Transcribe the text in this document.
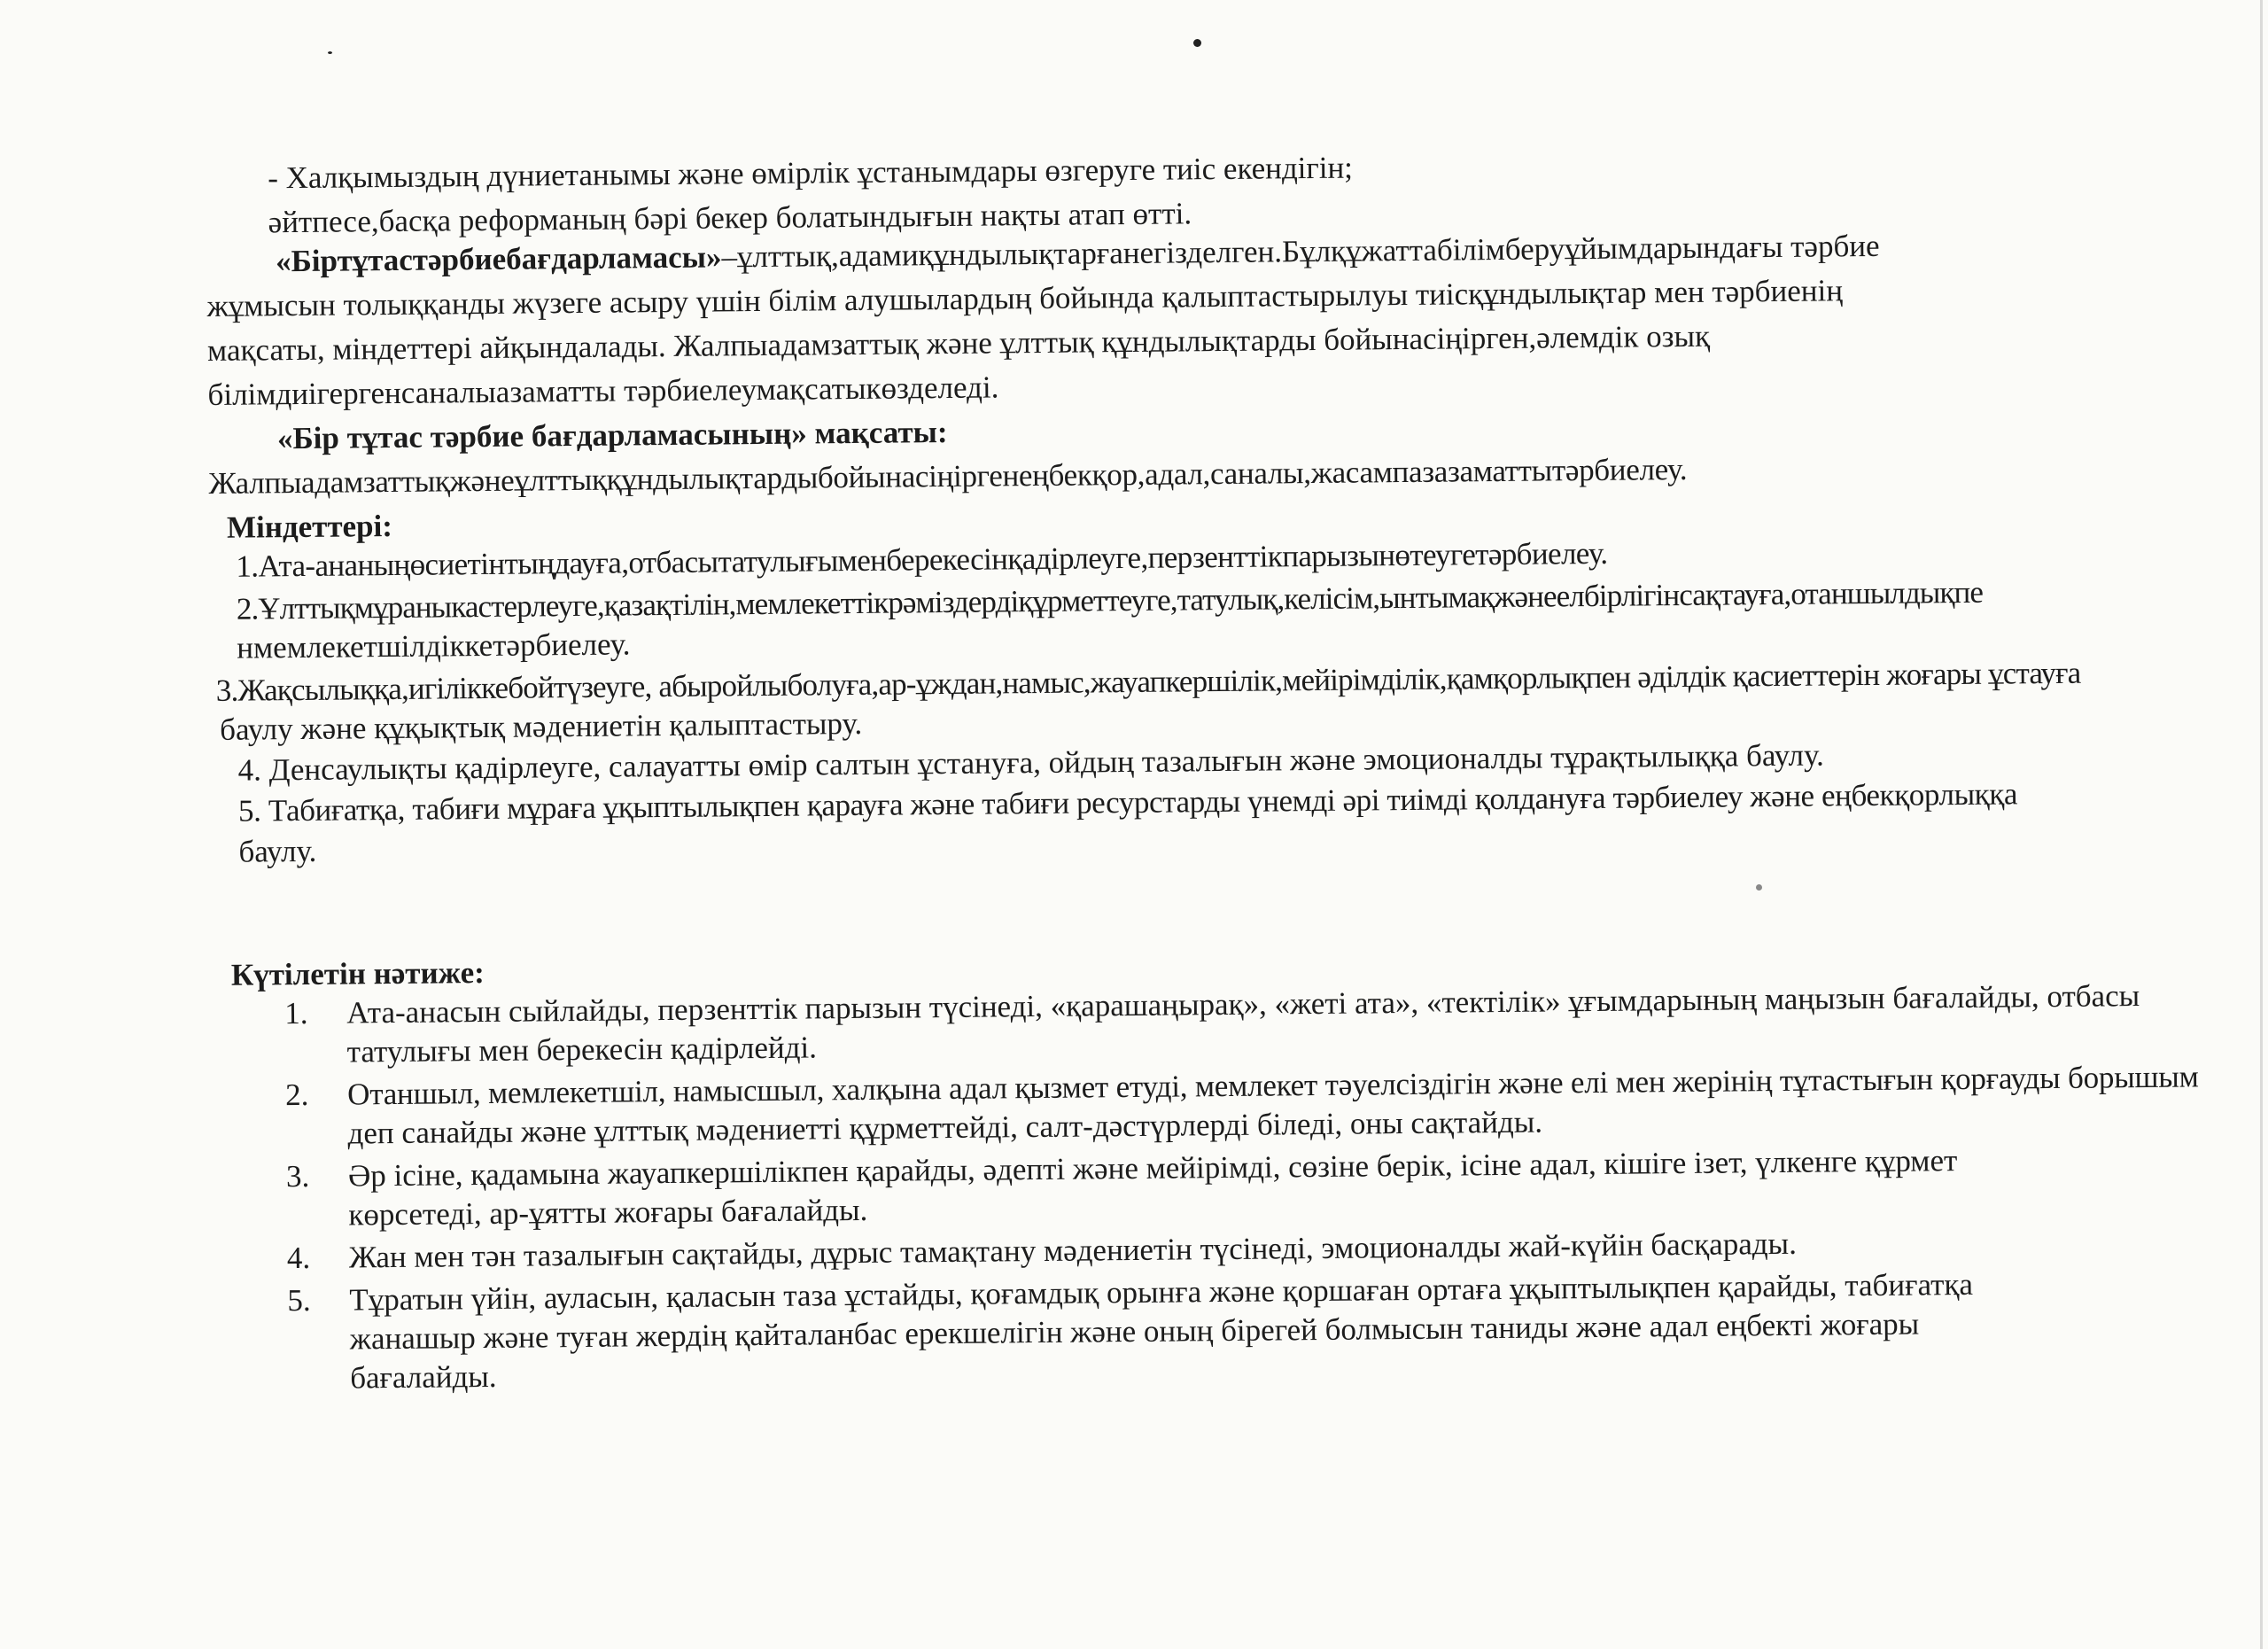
- Халқымыздың дүниетанымы және өмірлік ұстанымдары өзгеруге тиіс екендігін;
әйтпесе,басқа реформаның бәрі бекер болатындығын нақты атап өтті.
«Біртұтастәрбиебағдарламасы»–ұлттық,адамиқұндылықтарғанегізделген.Бұлқұжаттабілімберуұйымдарындағы тәрбие
жұмысын толыққанды жүзеге асыру үшін білім алушылардың бойында қалыптастырылуы тиісқұндылықтар мен тәрбиенің
мақсаты, міндеттері айқындалады. Жалпыадамзаттық және ұлттық құндылықтарды бойынасіңірген,әлемдік озық
білімдиігергенсаналыазаматты тәрбиелеумақсатыкөзделеді.
«Бір тұтас тәрбие бағдарламасының» мақсаты:
Жалпыадамзаттықжәнеұлттыққұндылықтардыбойынасіңіргенеңбекқор,адал,саналы,жасампазазаматтытәрбиелеу.
Міндеттері:
1.Ата-ананыңөсиетінтыңдауға,отбасытатулығыменберекесінқадірлеуге,перзенттікпарызынөтеугетәрбиелеу.
2.Ұлттықмұраныкастерлеуге,қазақтілін,мемлекеттікрәміздердіқұрметтеуге,татулық,келісім,ынтымақжәнеелбірлігінсақтауға,отаншылдықпе
нмемлекетшілдіккетәрбиелеу.
3.Жақсылыққа,игіліккебойтүзеуге, абыройлыболуға,ар-ұждан,намыс,жауапкершілік,мейірімділік,қамқорлықпен әділдік қасиеттерін жоғары ұстауға
баулу және құқықтық мәдениетін қалыптастыру.
4. Денсаулықты қадірлеуге, салауатты өмір салтын ұстануға, ойдың тазалығын және эмоционалды тұрақтылыққа баулу.
5. Табиғатқа, табиғи мұраға ұқыптылықпен қарауға және табиғи ресурстарды үнемді әрі тиімді қолдануға тәрбиелеу және еңбекқорлыққа
баулу.
Күтілетін нәтиже:
1. Ата-анасын сыйлайды, перзенттік парызын түсінеді, «қарашаңырақ», «жеті ата», «тектілік» ұғымдарының маңызын бағалайды, отбасы
татулығы мен берекесін қадірлейді.
2. Отаншыл, мемлекетшіл, намысшыл, халқына адал қызмет етуді, мемлекет тәуелсіздігін және елі мен жерінің тұтастығын қорғауды борышым
деп санайды және ұлттық мәдениетті құрметтейді, салт-дәстүрлерді біледі, оны сақтайды.
3. Әр ісіне, қадамына жауапкершілікпен қарайды, әдепті және мейірімді, сөзіне берік, ісіне адал, кішіге ізет, үлкенге құрмет
көрсетеді, ар-ұятты жоғары бағалайды.
4. Жан мен тән тазалығын сақтайды, дұрыс тамақтану мәдениетін түсінеді, эмоционалды жай-күйін басқарады.
5. Тұратын үйін, ауласын, қаласын таза ұстайды, қоғамдық орынға және қоршаған ортаға ұқыптылықпен қарайды, табиғатқа
жанашыр және туған жердің қайталанбас ерекшелігін және оның бірегей болмысын таниды және адал еңбекті жоғары
бағалайды.
